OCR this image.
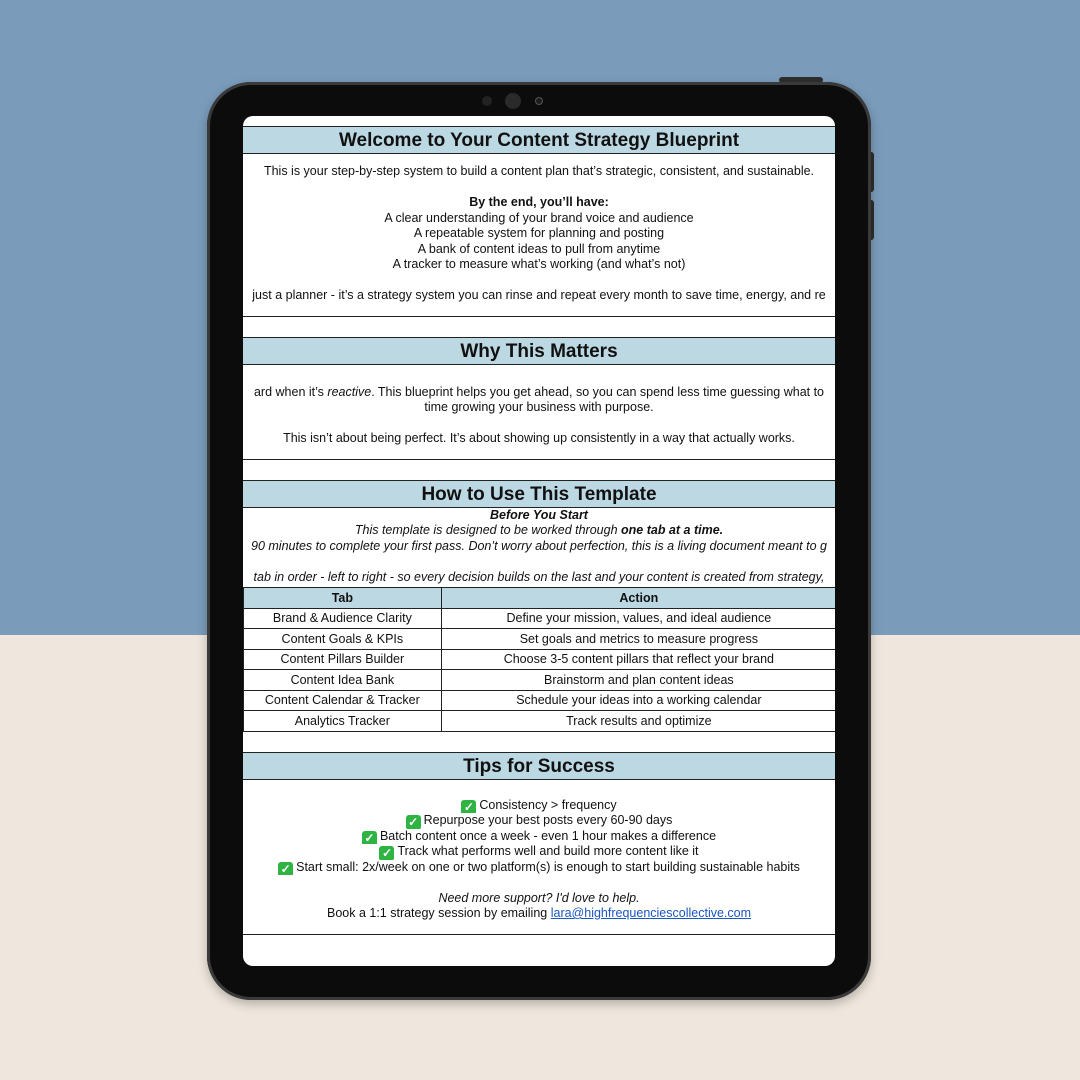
Welcome to Your Content Strategy Blueprint
This is your step-by-step system to build a content plan that’s strategic, consistent, and sustainable.
By the end, you’ll have:
A clear understanding of your brand voice and audience
A repeatable system for planning and posting
A bank of content ideas to pull from anytime
A tracker to measure what’s working (and what’s not)
just a planner - it’s a strategy system you can rinse and repeat every month to save time, energy, and re
Why This Matters
ard when it’s reactive. This blueprint helps you get ahead, so you can spend less time guessing what to
time growing your business with purpose.
This isn’t about being perfect. It’s about showing up consistently in a way that actually works.
How to Use This Template
Before You Start
This template is designed to be worked through one tab at a time.
90 minutes to complete your first pass. Don’t worry about perfection, this is a living document meant to g
tab in order - left to right - so every decision builds on the last and your content is created from strategy,
Tab	Action
Brand & Audience Clarity	Define your mission, values, and ideal audience
Content Goals & KPIs	Set goals and metrics to measure progress
Content Pillars Builder	Choose 3-5 content pillars that reflect your brand
Content Idea Bank	Brainstorm and plan content ideas
Content Calendar & Tracker	Schedule your ideas into a working calendar
Analytics Tracker	Track results and optimize
Tips for Success
✓ Consistency > frequency
✓ Repurpose your best posts every 60-90 days
✓ Batch content once a week - even 1 hour makes a difference
✓ Track what performs well and build more content like it
✓ Start small: 2x/week on one or two platform(s) is enough to start building sustainable habits
Need more support? I'd love to help.
Book a 1:1 strategy session by emailing lara@highfrequenciescollective.com
